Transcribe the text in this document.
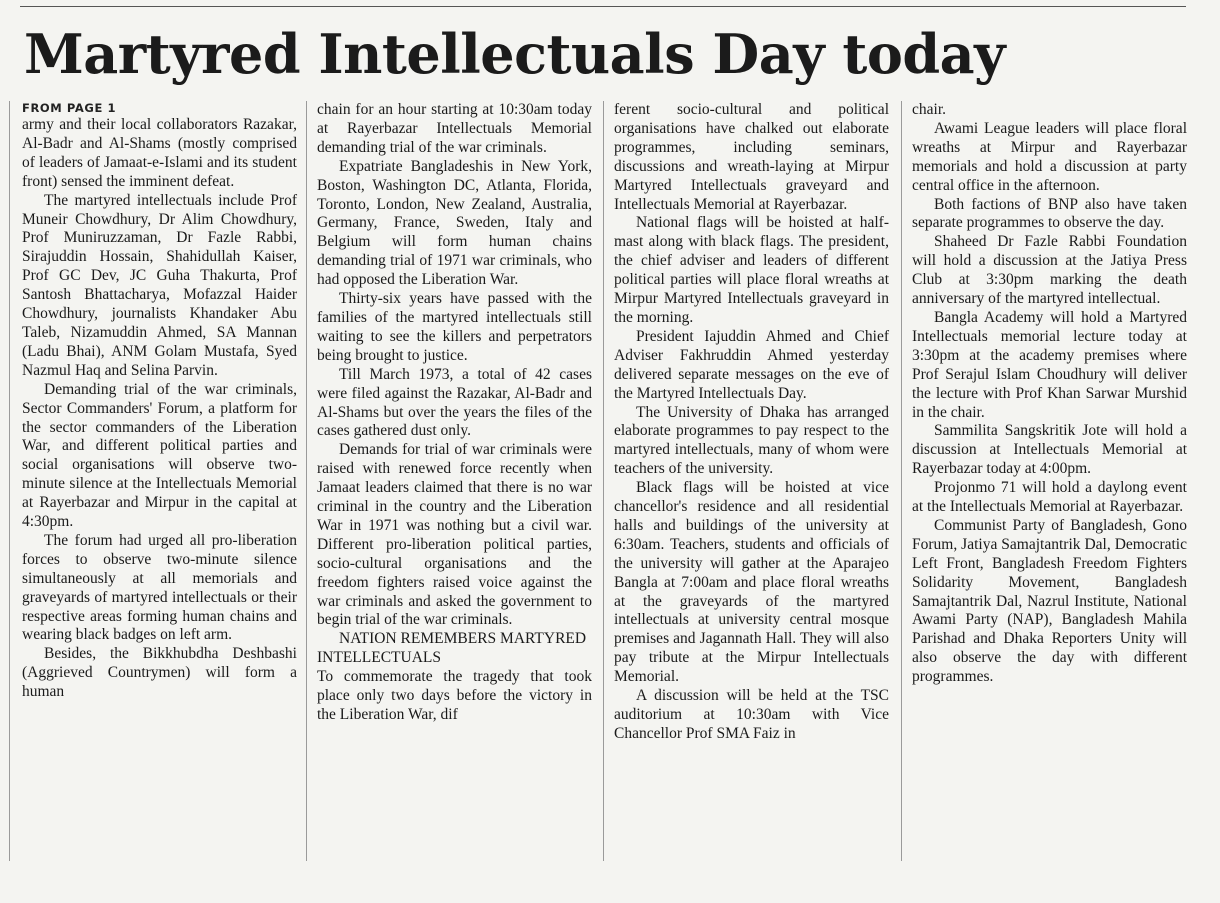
Martyred Intellectuals Day today
FROM PAGE 1

army and their local collaborators Razakar, Al-Badr and Al-Shams (mostly comprised of leaders of Jamaat-e-Islami and its student front) sensed the imminent defeat.

The martyred intellectuals include Prof Muneir Chowdhury, Dr Alim Chowdhury, Prof Muniruzzaman, Dr Fazle Rabbi, Sirajuddin Hossain, Shahidullah Kaiser, Prof GC Dev, JC Guha Thakurta, Prof Santosh Bhattacharya, Mofazzal Haider Chowdhury, journalists Khandaker Abu Taleb, Nizamuddin Ahmed, SA Mannan (Ladu Bhai), ANM Golam Mustafa, Syed Nazmul Haq and Selina Parvin.

Demanding trial of the war criminals, Sector Commanders' Forum, a platform for the sector commanders of the Liberation War, and different political parties and social organisations will observe two-minute silence at the Intellectuals Memorial at Rayerbazar and Mirpur in the capital at 4:30pm.

The forum had urged all pro-liberation forces to observe two-minute silence simultaneously at all memorials and graveyards of martyred intellectuals or their respective areas forming human chains and wearing black badges on left arm.

Besides, the Bikkhubdha Deshbashi (Aggrieved Countrymen) will form a human

chain for an hour starting at 10:30am today at Rayerbazar Intellectuals Memorial demanding trial of the war criminals.

Expatriate Bangladeshis in New York, Boston, Washington DC, Atlanta, Florida, Toronto, London, New Zealand, Australia, Germany, France, Sweden, Italy and Belgium will form human chains demanding trial of 1971 war criminals, who had opposed the Liberation War.

Thirty-six years have passed with the families of the martyred intellectuals still waiting to see the killers and perpetrators being brought to justice.

Till March 1973, a total of 42 cases were filed against the Razakar, Al-Badr and Al-Shams but over the years the files of the cases gathered dust only.

Demands for trial of war criminals were raised with renewed force recently when Jamaat leaders claimed that there is no war criminal in the country and the Liberation War in 1971 was nothing but a civil war. Different pro-liberation political parties, socio-cultural organisations and the freedom fighters raised voice against the war criminals and asked the government to begin trial of the war criminals.

NATION REMEMBERS MARTYRED INTELLECTUALS

To commemorate the tragedy that took place only two days before the victory in the Liberation War, dif

ferent socio-cultural and political organisations have chalked out elaborate programmes, including seminars, discussions and wreath-laying at Mirpur Martyred Intellectuals graveyard and Intellectuals Memorial at Rayerbazar.

National flags will be hoisted at half-mast along with black flags. The president, the chief adviser and leaders of different political parties will place floral wreaths at Mirpur Martyred Intellectuals graveyard in the morning.

President Iajuddin Ahmed and Chief Adviser Fakhruddin Ahmed yesterday delivered separate messages on the eve of the Martyred Intellectuals Day.

The University of Dhaka has arranged elaborate programmes to pay respect to the martyred intellectuals, many of whom were teachers of the university.

Black flags will be hoisted at vice chancellor's residence and all residential halls and buildings of the university at 6:30am. Teachers, students and officials of the university will gather at the Aparajeo Bangla at 7:00am and place floral wreaths at the graveyards of the martyred intellectuals at university central mosque premises and Jagannath Hall. They will also pay tribute at the Mirpur Intellectuals Memorial.

A discussion will be held at the TSC auditorium at 10:30am with Vice Chancellor Prof SMA Faiz in

chair.

Awami League leaders will place floral wreaths at Mirpur and Rayerbazar memorials and hold a discussion at party central office in the afternoon.

Both factions of BNP also have taken separate programmes to observe the day.

Shaheed Dr Fazle Rabbi Foundation will hold a discussion at the Jatiya Press Club at 3:30pm marking the death anniversary of the martyred intellectual.

Bangla Academy will hold a Martyred Intellectuals memorial lecture today at 3:30pm at the academy premises where Prof Serajul Islam Choudhury will deliver the lecture with Prof Khan Sarwar Murshid in the chair.

Sammilita Sangskritik Jote will hold a discussion at Intellectuals Memorial at Rayerbazar today at 4:00pm.

Projonmo 71 will hold a daylong event at the Intellectuals Memorial at Rayerbazar.

Communist Party of Bangladesh, Gono Forum, Jatiya Samajtantrik Dal, Democratic Left Front, Bangladesh Freedom Fighters Solidarity Movement, Bangladesh Samajtantrik Dal, Nazrul Institute, National Awami Party (NAP), Bangladesh Mahila Parishad and Dhaka Reporters Unity will also observe the day with different programmes.
